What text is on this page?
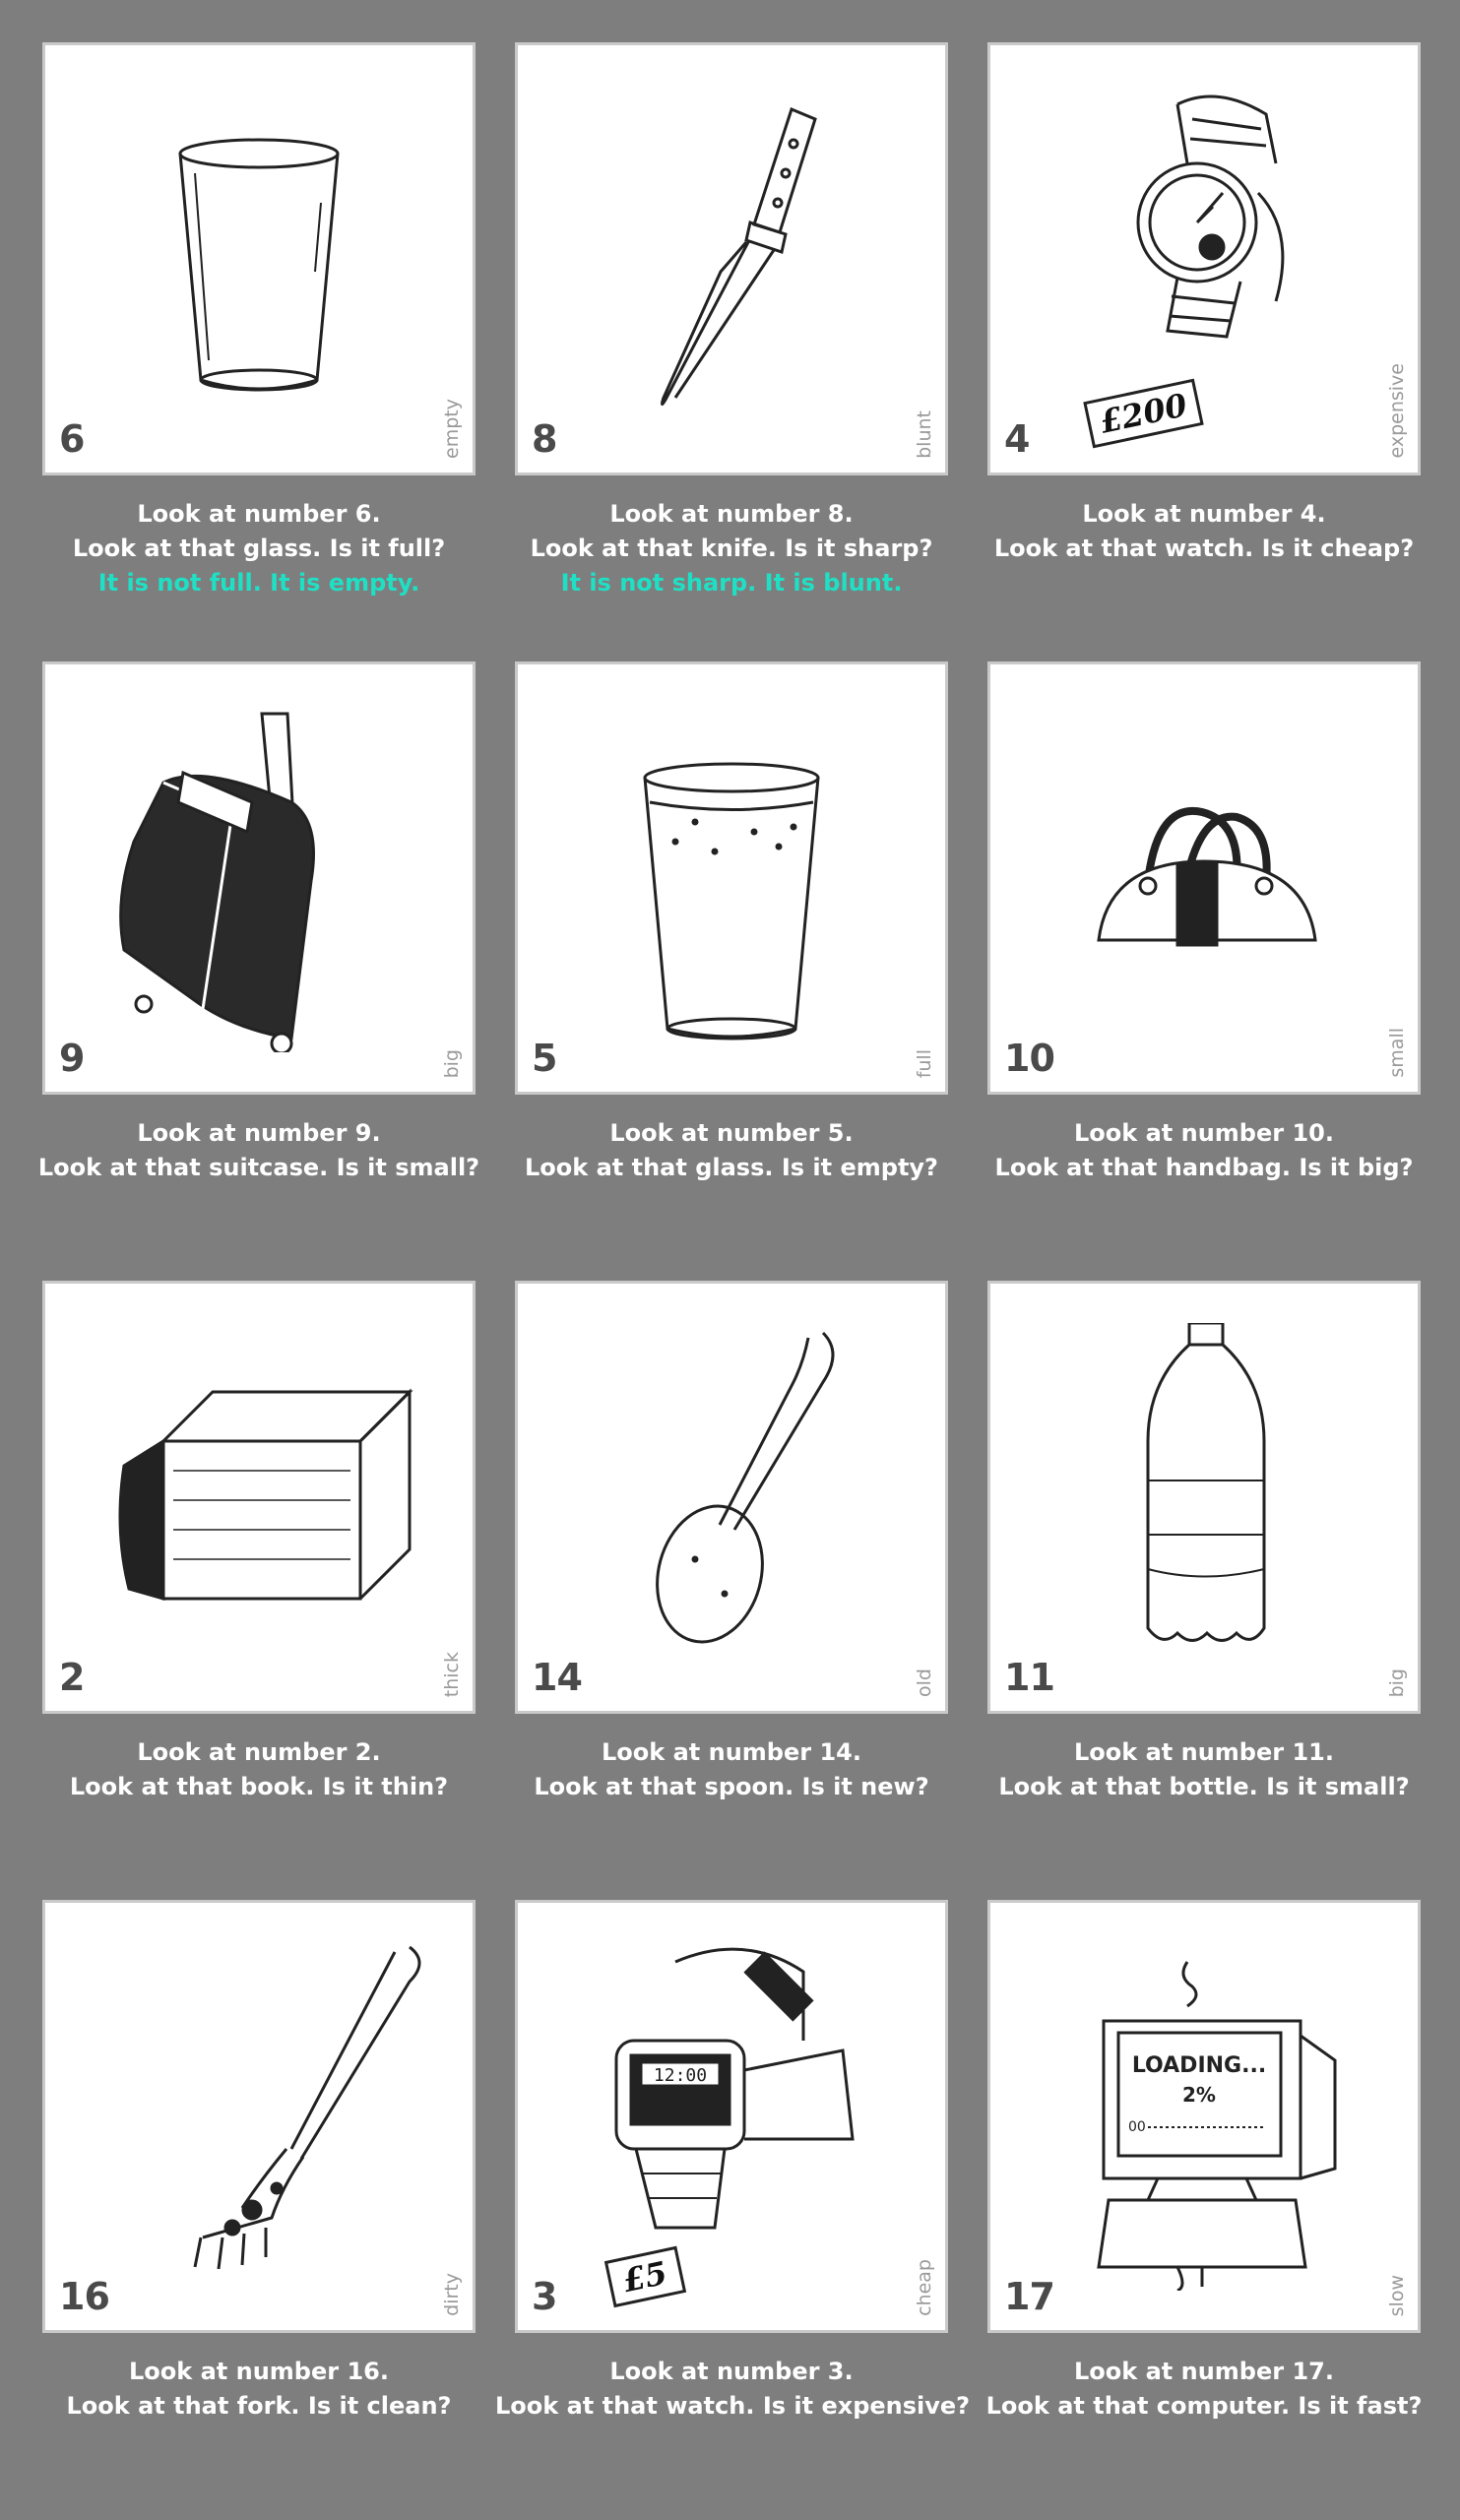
6	empty
Look at number 6.
Look at that glass. Is it full?
It is not full. It is empty.
8	blunt
Look at number 8.
Look at that knife. Is it sharp?
It is not sharp. It is blunt.
£200
4	expensive
Look at number 4.
Look at that watch. Is it cheap?
9	big
Look at number 9.
Look at that suitcase. Is it small?
5	full
Look at number 5.
Look at that glass. Is it empty?
10	small
Look at number 10.
Look at that handbag. Is it big?
2	thick
Look at number 2.
Look at that book. Is it thin?
14	old
Look at number 14.
Look at that spoon. Is it new?
11	big
Look at number 11.
Look at that bottle. Is it small?
16	dirty
Look at number 16.
Look at that fork. Is it clean?
12:00
£5
3	cheap
Look at number 3.
Look at that watch. Is it expensive?
LOADING...
2%
00
17	slow
Look at number 17.
Look at that computer. Is it fast?
